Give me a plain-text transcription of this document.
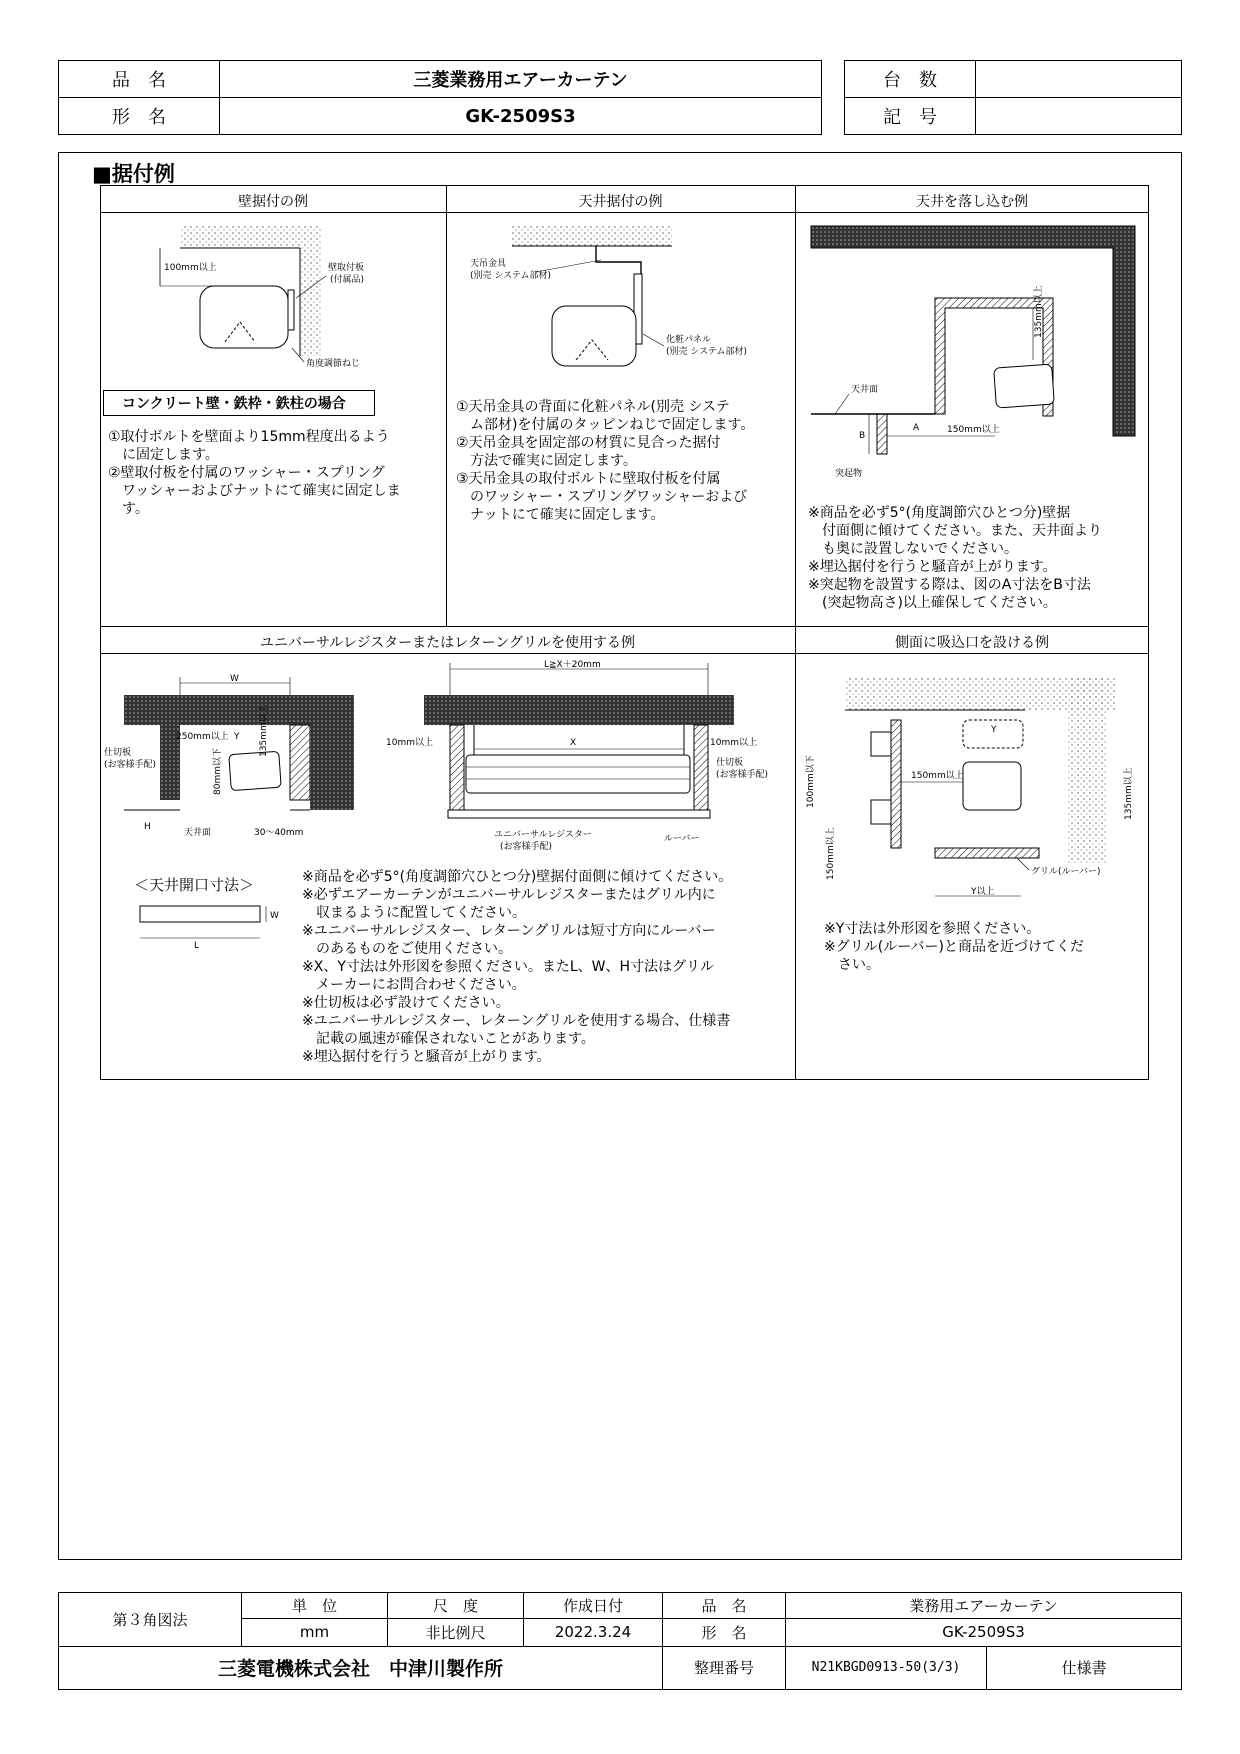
品　名	三菱業務用エアーカーテン
形　名	GK-2509S3
台　数	
記　号	
■据付例
壁据付の例	天井据付の例	天井を落し込む例
ユニバーサルレジスターまたはレターングリルを使用する例	側面に吸込口を設ける例
100mm以上	壁取付板
(付属品)
角度調節ねじ
コンクリート壁・鉄枠・鉄柱の場合
①取付ボルトを壁面より15mm程度出るよう
　に固定します。
②壁取付板を付属のワッシャー・スプリング
　ワッシャーおよびナットにて確実に固定しま
　す。
天吊金具
(別売 システム部材)
化粧パネル
(別売 システム部材)
①天吊金具の背面に化粧パネル(別売 システ
　ム部材)を付属のタッピンねじで固定します。
②天吊金具を固定部の材質に見合った据付
　方法で確実に固定します。
③天吊金具の取付ボルトに壁取付板を付属
　のワッシャー・スプリングワッシャーおよび
　ナットにて確実に固定します。
135mm以上
天井面
B
A	150mm以上
突起物
※商品を必ず5°(角度調節穴ひとつ分)壁据
　付面側に傾けてください。また、天井面より
　も奥に設置しないでください。
※埋込据付を行うと騒音が上がります。
※突起物を設置する際は、図のA寸法をB寸法
　(突起物高さ)以上確保してください。
W
250mm以上 Y 135mm以上
80mm以下
仕切板
(お客様手配)
H
天井面	30～40mm
L≧X＋20mm
10mm以上	X	10mm以上
仕切板
(お客様手配)
ユニバーサルレジスター
(お客様手配)
ルーバー
＜天井開口寸法＞
W
L
※商品を必ず5°(角度調節穴ひとつ分)壁据付面側に傾けてください。
※必ずエアーカーテンがユニバーサルレジスターまたはグリル内に
　収まるように配置してください。
※ユニバーサルレジスター、レターングリルは短寸方向にルーバー
　のあるものをご使用ください。
※X、Y寸法は外形図を参照ください。またL、W、H寸法はグリル
　メーカーにお問合わせください。
※仕切板は必ず設けてください。
※ユニバーサルレジスター、レターングリルを使用する場合、仕様書
　記載の風速が確保されないことがあります。
※埋込据付を行うと騒音が上がります。
Y
150mm以上
100mm以下
150mm以上
135mm以上
グリル(ルーバー)
Y以上
※Y寸法は外形図を参照ください。
※グリル(ルーバー)と商品を近づけてくだ
　さい。
第３角図法	単　位	尺　度	作成日付	品　名	業務用エアーカーテン	
	mm	非比例尺	2022.3.24	形　名	GK-2509S3	
三菱電機株式会社　中津川製作所				整理番号	N21KBGD0913-50(3/3)	仕様書
